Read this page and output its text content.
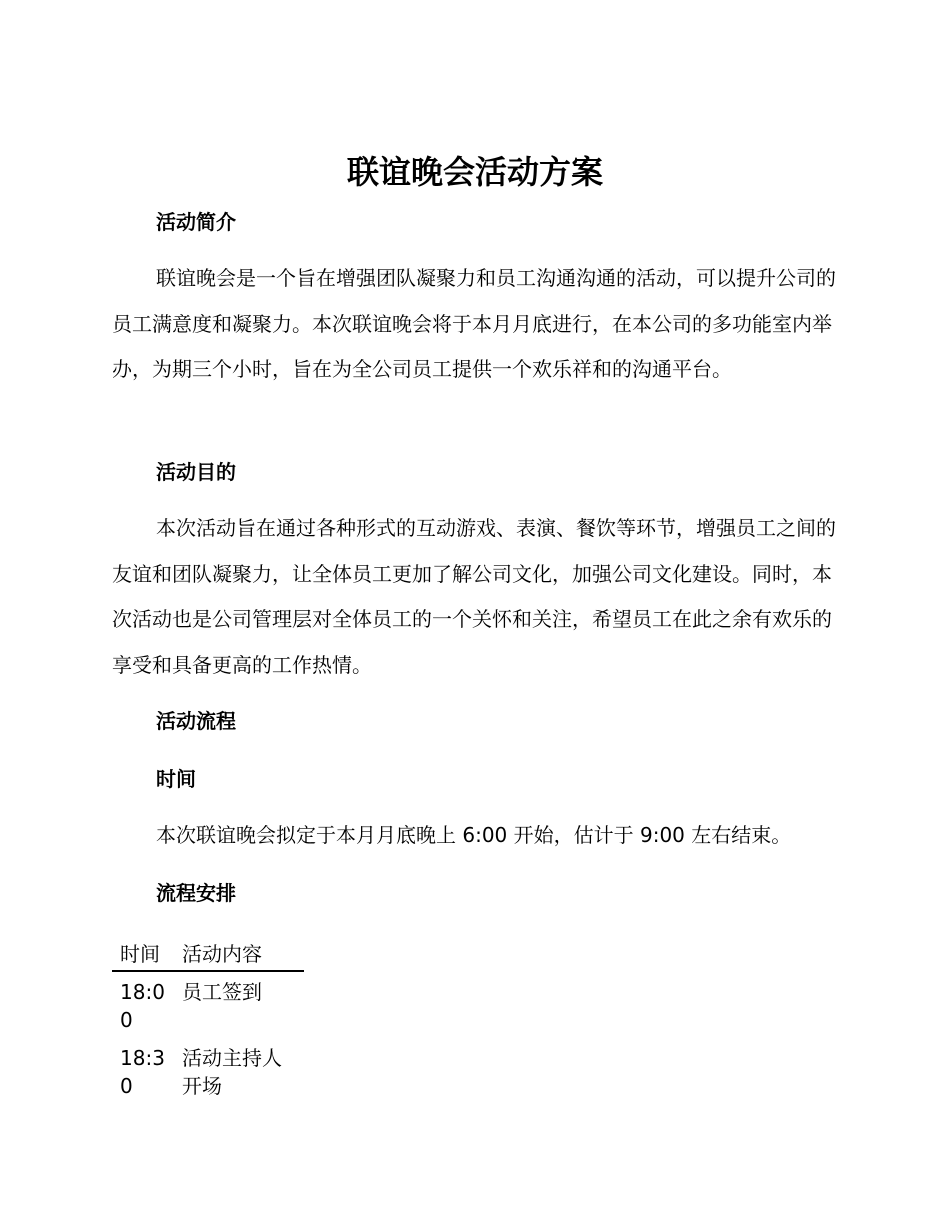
联谊晚会活动方案
活动简介

联谊晚会是一个旨在增强团队凝聚力和员工沟通沟通的活动，可以提升公司的员工满意度和凝聚力。本次联谊晚会将于本月月底进行，在本公司的多功能室内举办，为期三个小时，旨在为全公司员工提供一个欢乐祥和的沟通平台。

活动目的

本次活动旨在通过各种形式的互动游戏、表演、餐饮等环节，增强员工之间的友谊和团队凝聚力，让全体员工更加了解公司文化，加强公司文化建设。同时，本次活动也是公司管理层对全体员工的一个关怀和关注，希望员工在此之余有欢乐的享受和具备更高的工作热情。

活动流程
时间
本次联谊晚会拟定于本月月底晚上 6:00 开始，估计于 9:00 左右结束。
流程安排
时间	活动内容
18:00	员工签到
18:30	活动主持人开场
